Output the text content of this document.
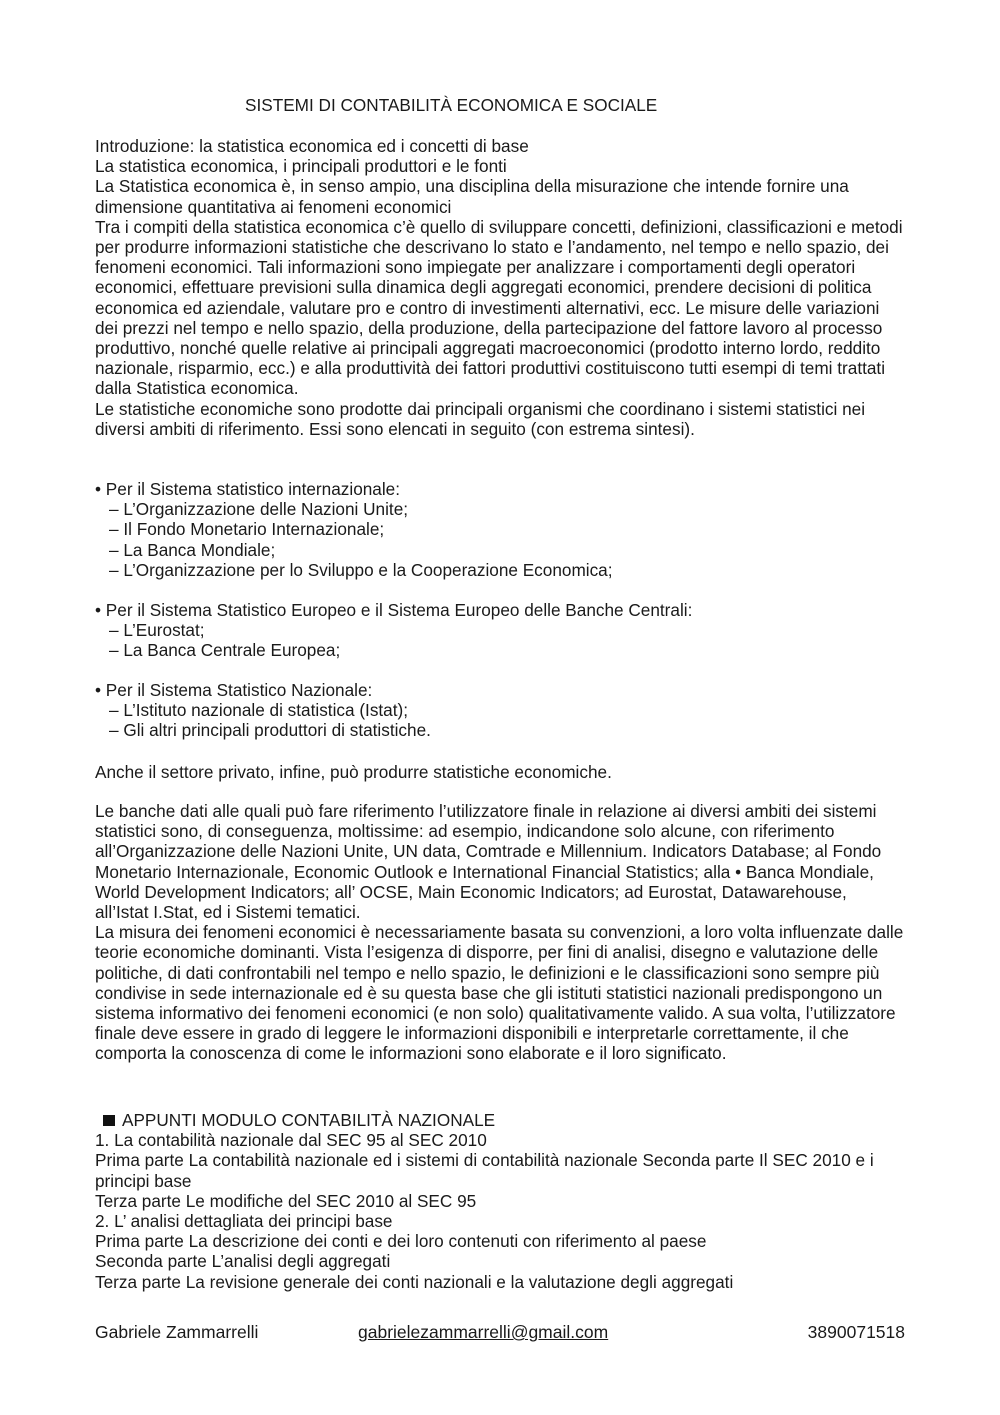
SISTEMI DI CONTABILITÀ ECONOMICA E SOCIALE

Introduzione: la statistica economica ed i concetti di base

La statistica economica, i principali produttori e le fonti

La Statistica economica è, in senso ampio, una disciplina della misurazione che intende fornire una dimensione quantitativa ai fenomeni economici

Tra i compiti della statistica economica c’è quello di sviluppare concetti, definizioni, classificazioni e metodi per produrre informazioni statistiche che descrivano lo stato e l’andamento, nel tempo e nello spazio, dei fenomeni economici. Tali informazioni sono impiegate per analizzare i comportamenti degli operatori economici, effettuare previsioni sulla dinamica degli aggregati economici, prendere decisioni di politica economica ed aziendale, valutare pro e contro di investimenti alternativi, ecc. Le misure delle variazioni dei prezzi nel tempo e nello spazio, della produzione, della partecipazione del fattore lavoro al processo produttivo, nonché quelle relative ai principali aggregati macroeconomici (prodotto interno lordo, reddito nazionale, risparmio, ecc.) e alla produttività dei fattori produttivi costituiscono tutti esempi di temi trattati dalla Statistica economica.

Le statistiche economiche sono prodotte dai principali organismi che coordinano i sistemi statistici nei diversi ambiti di riferimento. Essi sono elencati in seguito (con estrema sintesi).

• Per il Sistema statistico internazionale:
– L’Organizzazione delle Nazioni Unite;
– Il Fondo Monetario Internazionale;
– La Banca Mondiale;
– L’Organizzazione per lo Sviluppo e la Cooperazione Economica;
• Per il Sistema Statistico Europeo e il Sistema Europeo delle Banche Centrali:
– L’Eurostat;
– La Banca Centrale Europea;
• Per il Sistema Statistico Nazionale:
– L’Istituto nazionale di statistica (Istat);
– Gli altri principali produttori di statistiche.
Anche il settore privato, infine, può produrre statistiche economiche.

Le banche dati alle quali può fare riferimento l’utilizzatore finale in relazione ai diversi ambiti dei sistemi statistici sono, di conseguenza, moltissime: ad esempio, indicandone solo alcune, con riferimento all’Organizzazione delle Nazioni Unite, UN data, Comtrade e Millennium. Indicators Database; al Fondo Monetario Internazionale, Economic Outlook e International Financial Statistics; alla • Banca Mondiale, World Development Indicators; all’ OCSE, Main Economic Indicators; ad Eurostat, Datawarehouse, all’Istat I.Stat, ed i Sistemi tematici.

La misura dei fenomeni economici è necessariamente basata su convenzioni, a loro volta influenzate dalle teorie economiche dominanti. Vista l’esigenza di disporre, per fini di analisi, disegno e valutazione delle politiche, di dati confrontabili nel tempo e nello spazio, le definizioni e le classificazioni sono sempre più condivise in sede internazionale ed è su questa base che gli istituti statistici nazionali predispongono un sistema informativo dei fenomeni economici (e non solo) qualitativamente valido. A sua volta, l’utilizzatore finale deve essere in grado di leggere le informazioni disponibili e interpretarle correttamente, il che comporta la conoscenza di come le informazioni sono elaborate e il loro significato.

APPUNTI MODULO CONTABILITÀ NAZIONALE
1. La contabilità nazionale dal SEC 95 al SEC 2010
Prima parte La contabilità nazionale ed i sistemi di contabilità nazionale Seconda parte Il SEC 2010 e i principi base
Terza parte Le modifiche del SEC 2010 al SEC 95
2. L’ analisi dettagliata dei principi base
Prima parte La descrizione dei conti e dei loro contenuti con riferimento al paese
Seconda parte L’analisi degli aggregati
Terza parte La revisione generale dei conti nazionali e la valutazione degli aggregati
Gabriele Zammarrelli	gabrielezammarrelli@gmail.com	3890071518
